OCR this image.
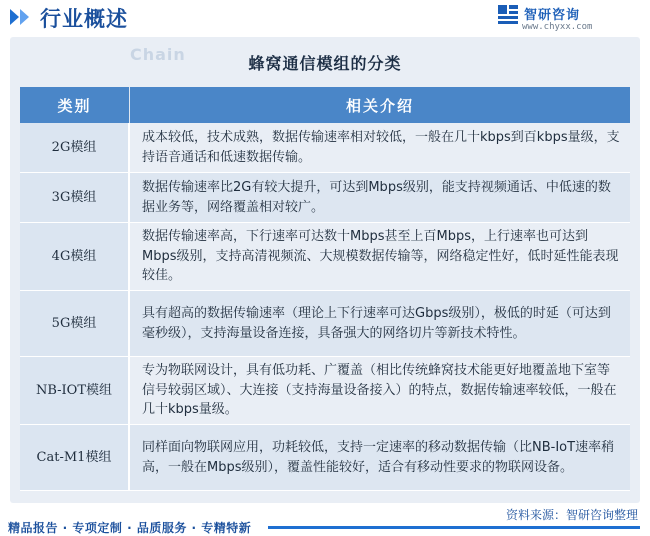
行业概述	智研咨询
www.chyxx.com
Chain	蜂窝通信模组的分类
类别	相关介绍
2G模组	成本较低，技术成熟，数据传输速率相对较低，一般在几十kbps到百kbps量级，支持语音通话和低速数据传输。
3G模组	数据传输速率比2G有较大提升，可达到Mbps级别，能支持视频通话、中低速的数据业务等，网络覆盖相对较广。
4G模组	数据传输速率高，下行速率可达数十Mbps甚至上百Mbps，上行速率也可达到Mbps级别，支持高清视频流、大规模数据传输等，网络稳定性好，低时延性能表现较佳。
5G模组	具有超高的数据传输速率（理论上下行速率可达Gbps级别），极低的时延（可达到毫秒级），支持海量设备连接，具备强大的网络切片等新技术特性。
NB-IOT模组	专为物联网设计，具有低功耗、广覆盖（相比传统蜂窝技术能更好地覆盖地下室等信号较弱区域）、大连接（支持海量设备接入）的特点，数据传输速率较低，一般在几十kbps量级。
Cat-M1模组	同样面向物联网应用，功耗较低，支持一定速率的移动数据传输（比NB-IoT速率稍高，一般在Mbps级别），覆盖性能较好，适合有移动性要求的物联网设备。
资料来源：智研咨询整理
精品报告 · 专项定制 · 品质服务 · 专精特新
